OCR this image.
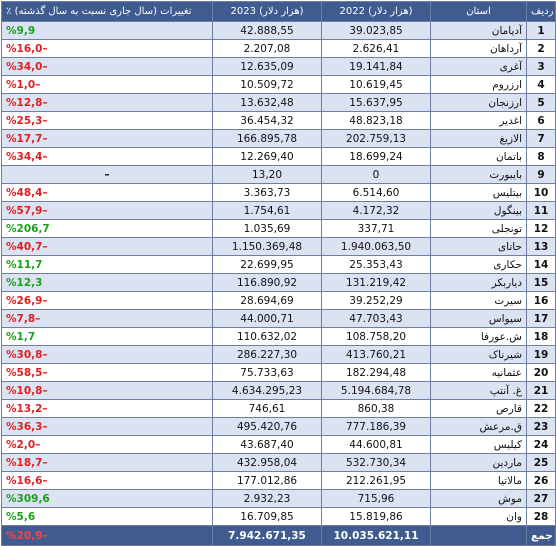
٪ تغییرات (سال جاری نسبت به سال گذشته)	2023 (هزار دلار)	2022 (هزار دلار)	استان	ردیف
%9,9	42.888,55	39.023,85	آدیامان	1
%16,0–	2.207,08	2.626,41	آرداهان	2
%34,0–	12.635,09	19.141,84	آغری	3
%1,0–	10.509,72	10.619,45	ارزروم	4
%12,8–	13.632,48	15.637,95	ارزنجان	5
%25,3–	36.454,32	48.823,18	اغدیر	6
%17,7–	166.895,78	202.759,13	الازیغ	7
%34,4–	12.269,40	18.699,24	باتمان	8
–	13,20	0	بایبورت	9
%48,4–	3.363,73	6.514,60	بیتلیس	10
%57,9–	1.754,61	4.172,32	بینگول	11
%206,7	1.035,69	337,71	تونجلی	12
%40,7–	1.150.369,48	1.940.063,50	حاتای	13
%11,7	22.699,95	25.353,43	حکاری	14
%12,3	116.890,92	131.219,42	دیاربکر	15
%26,9–	28.694,69	39.252,29	سیرت	16
%7,8–	44.000,71	47.703,43	سیواس	17
%1,7	110.632,02	108.758,20	ش.عورفا	18
%30,8–	286.227,30	413.760,21	شیرناک	19
%58,5–	75.733,63	182.294,48	عثمانیه	20
%10,8–	4.634.295,23	5.194.684,78	غ. آنتپ	21
%13,2–	746,61	860,38	قارص	22
%36,3–	495.420,76	777.186,39	ق.مرعش	23
%2,0–	43.687,40	44.600,81	کیلیس	24
%18,7–	432.958,04	532.730,34	ماردین	25
%16,6–	177.012,86	212.261,95	مالاتیا	26
%309,6	2.932,23	715,96	موش	27
%5,6	16.709,85	15.819,86	وان	28
%20,9–	7.942.671,35	10.035.621,11		جمع
